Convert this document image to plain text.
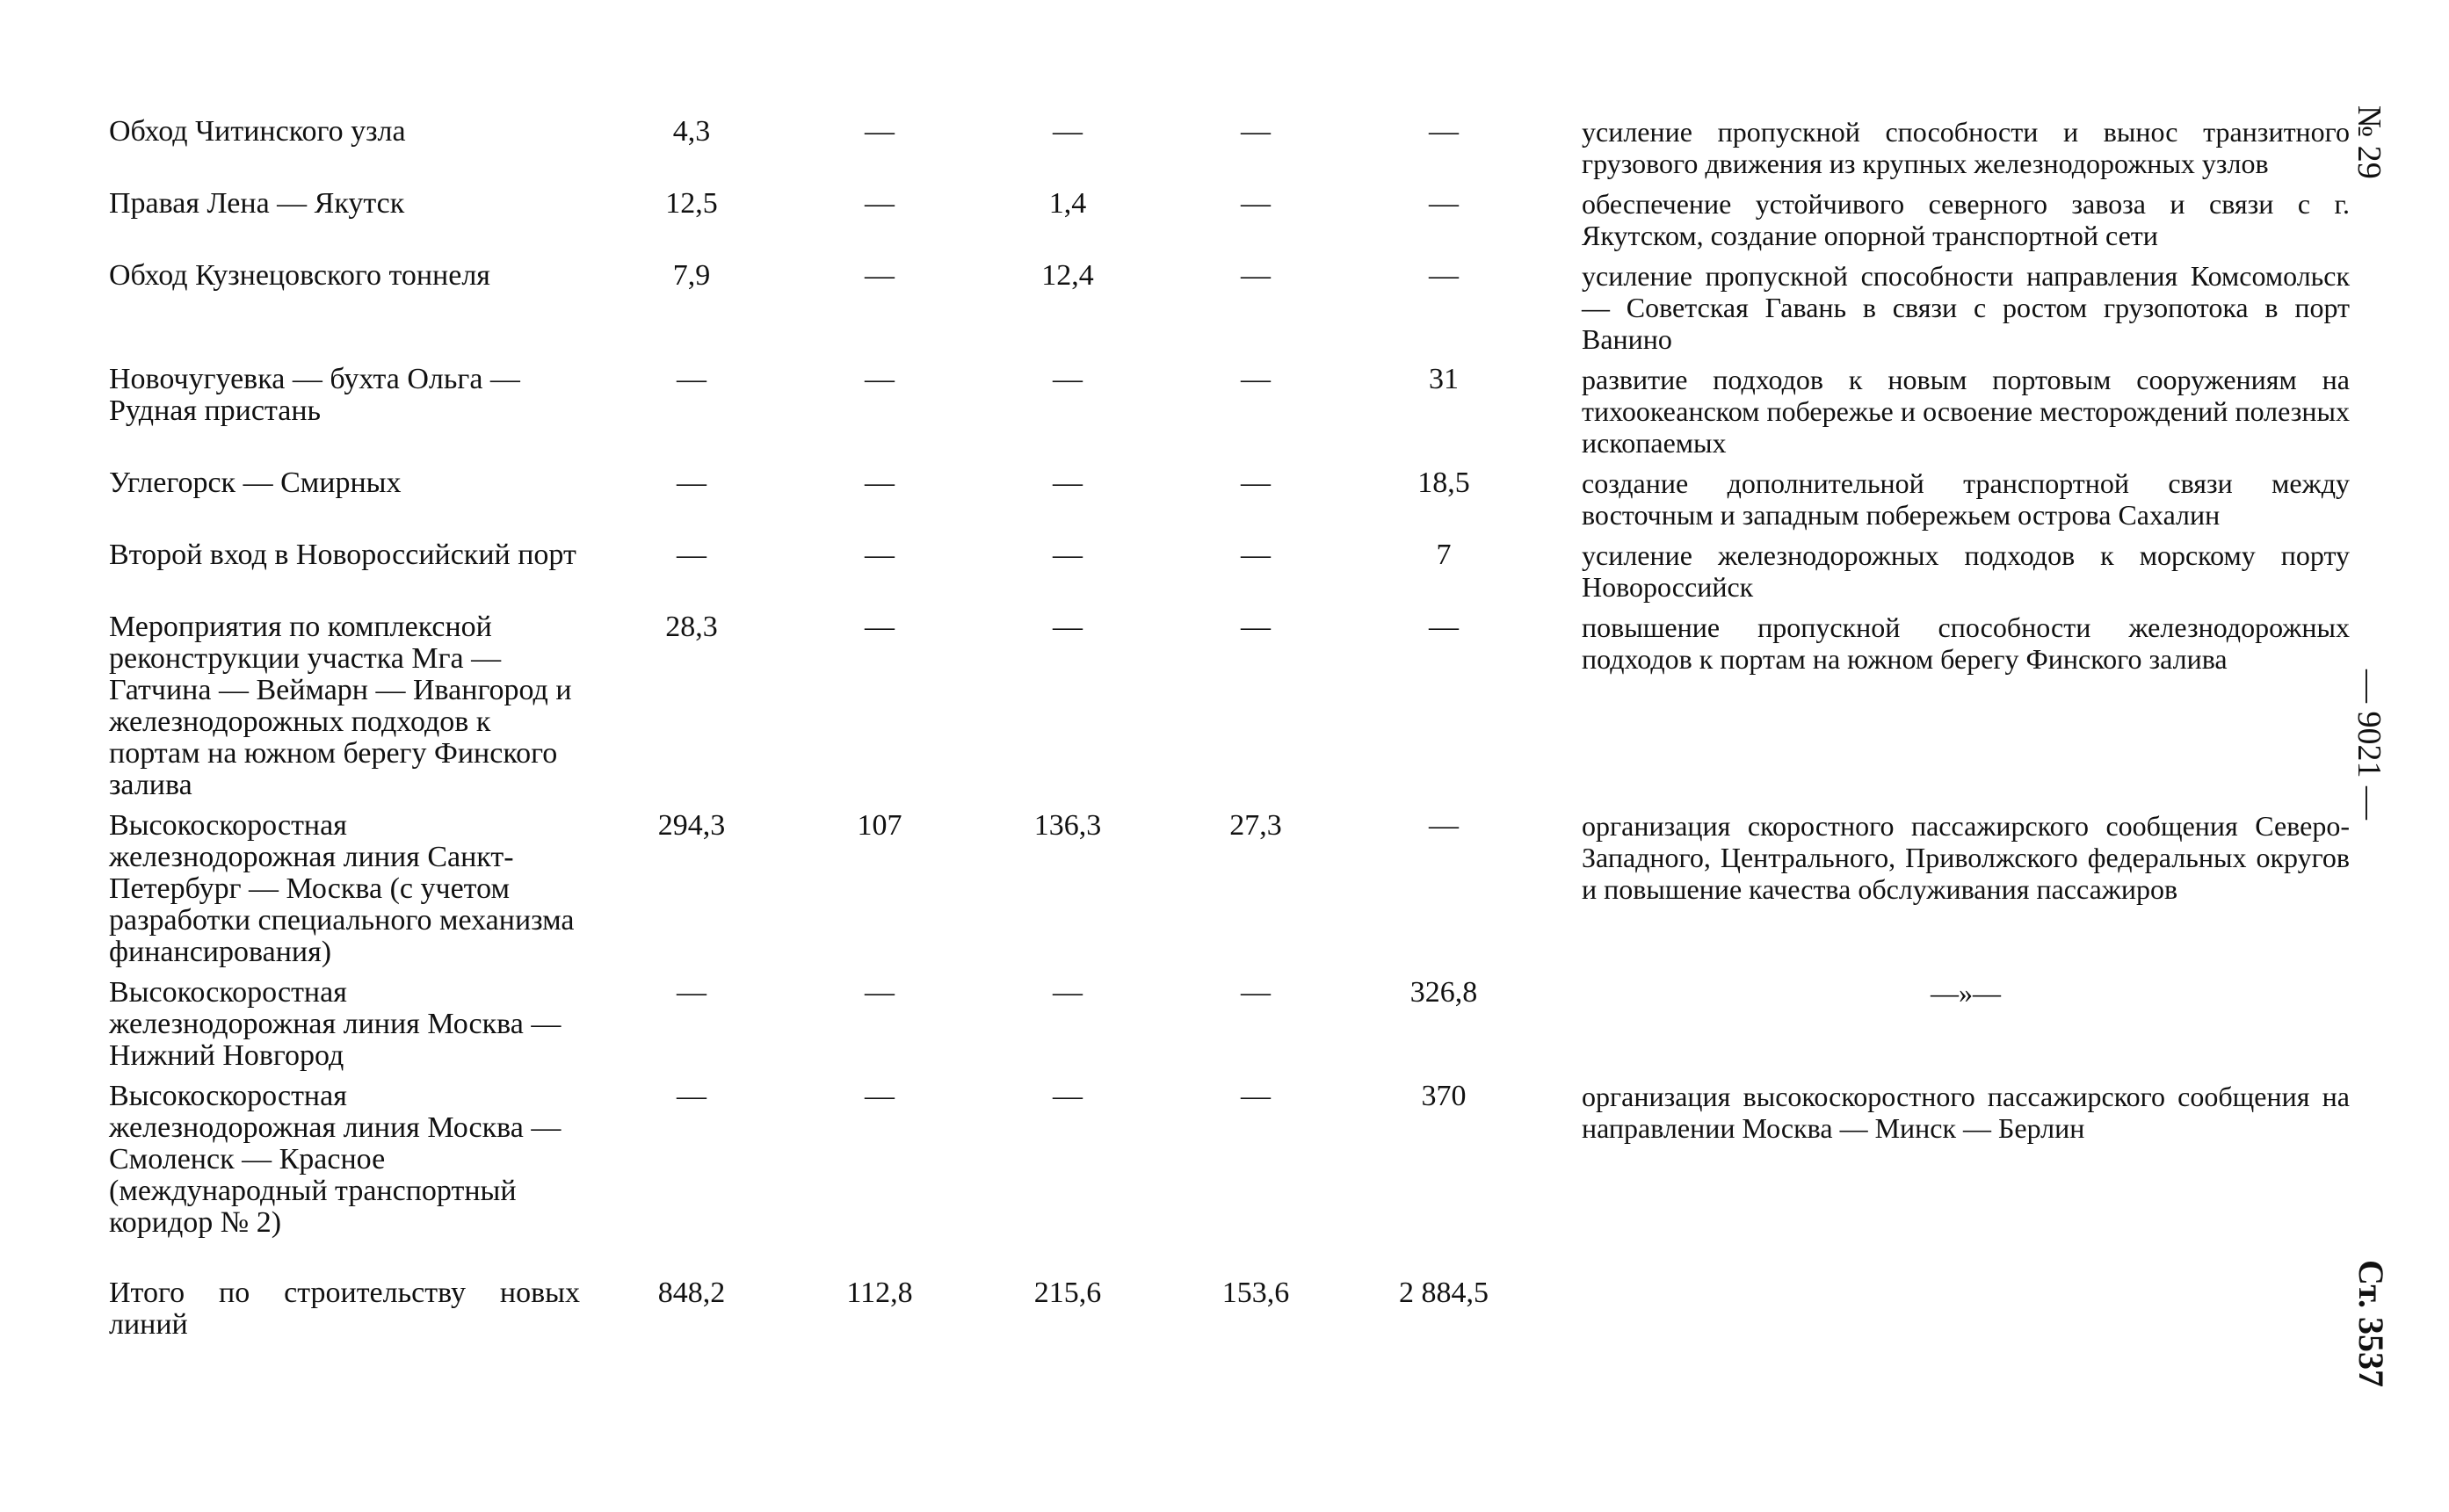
Обход Читинского узла	4,3	—	—	—	—	усиление пропускной способности и вынос транзитного грузового движения из крупных железнодорожных узлов
Правая Лена — Якутск	12,5	—	1,4	—	—	обеспечение устойчивого северного завоза и связи с г. Якутском, создание опорной транспортной сети
Обход Кузнецовского тоннеля	7,9	—	12,4	—	—	усиление пропускной способности направления Комсомольск — Советская Гавань в связи с ростом грузопотока в порт Ванино
Новочугуевка — бухта Ольга — Рудная пристань	—	—	—	—	31	развитие подходов к новым портовым сооружениям на тихоокеанском побережье и освоение месторождений полезных ископаемых
Углегорск — Смирных	—	—	—	—	18,5	создание дополнительной транспортной связи между восточным и западным побережьем острова Сахалин
Второй вход в Новороссийский порт	—	—	—	—	7	усиление железнодорожных подходов к морскому порту Новороссийск
Мероприятия по комплексной реконструкции участка Мга — Гатчина — Веймарн — Ивангород и железнодорожных подходов к портам на южном берегу Финского залива	28,3	—	—	—	—	повышение пропускной способности железнодорожных подходов к портам на южном берегу Финского залива
Высокоскоростная железнодорожная линия Санкт-Петербург — Москва (с учетом разработки специального механизма финансирования)	294,3	107	136,3	27,3	—	организация скоростного пассажирского сообщения Северо-Западного, Центрального, Приволжского федеральных округов и повышение качества обслуживания пассажиров
Высокоскоростная железнодорожная линия Москва — Нижний Новгород	—	—	—	—	326,8	—»—
Высокоскоростная железнодорожная линия Москва — Смоленск — Красное (международный транспортный коридор № 2)	—	—	—	—	370	организация высокоскоростного пассажирского сообщения на направлении Москва — Минск — Берлин
Итого по строительству новых линий	848,2	112,8	215,6	153,6	2 884,5	
№ 29
— 9021 —
Ст. 3537
